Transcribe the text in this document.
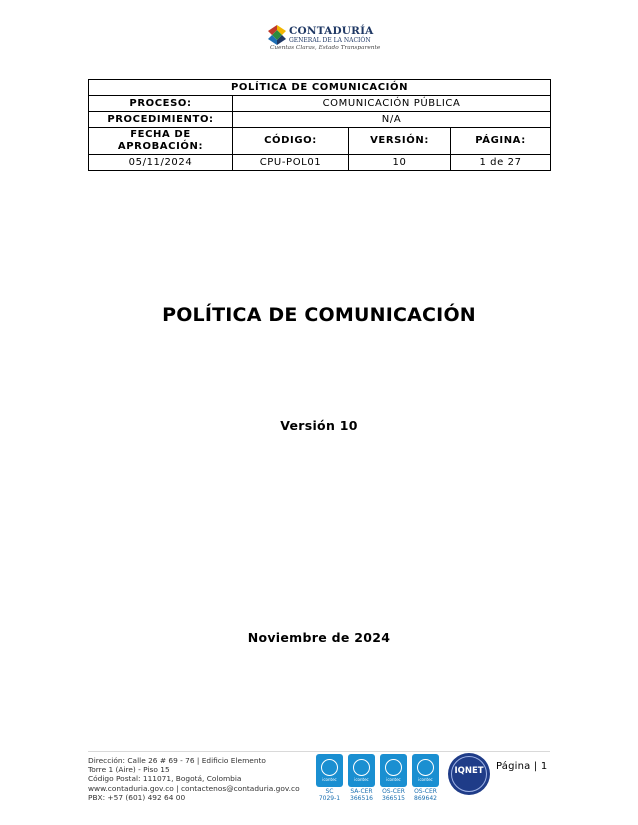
CONTADURÍA
GENERAL DE LA NACIÓN
Cuentas Claras, Estado Transparente
POLÍTICA DE COMUNICACIÓN			
PROCESO:	COMUNICACIÓN PÚBLICA		
PROCEDIMIENTO:	N/A		

FECHA DE
APROBACIÓN:	CÓDIGO:	VERSIÓN:	PÁGINA:
05/11/2024	CPU-POL01	10	1 de 27
POLÍTICA DE COMUNICACIÓN
Versión 10
Noviembre de 2024
Dirección: Calle 26 # 69 - 76 | Edificio Elemento
Torre 1 (Aire) - Piso 15
Código Postal: 111071, Bogotá, Colombia
www.contaduria.gov.co | contactenos@contaduria.gov.co
PBX: +57 (601) 492 64 00
icontec
SC
7029-1
icontec
SA-CER
366516
icontec
OS-CER
366515
icontec
OS-CER
869642
IQNET	Página | 1
